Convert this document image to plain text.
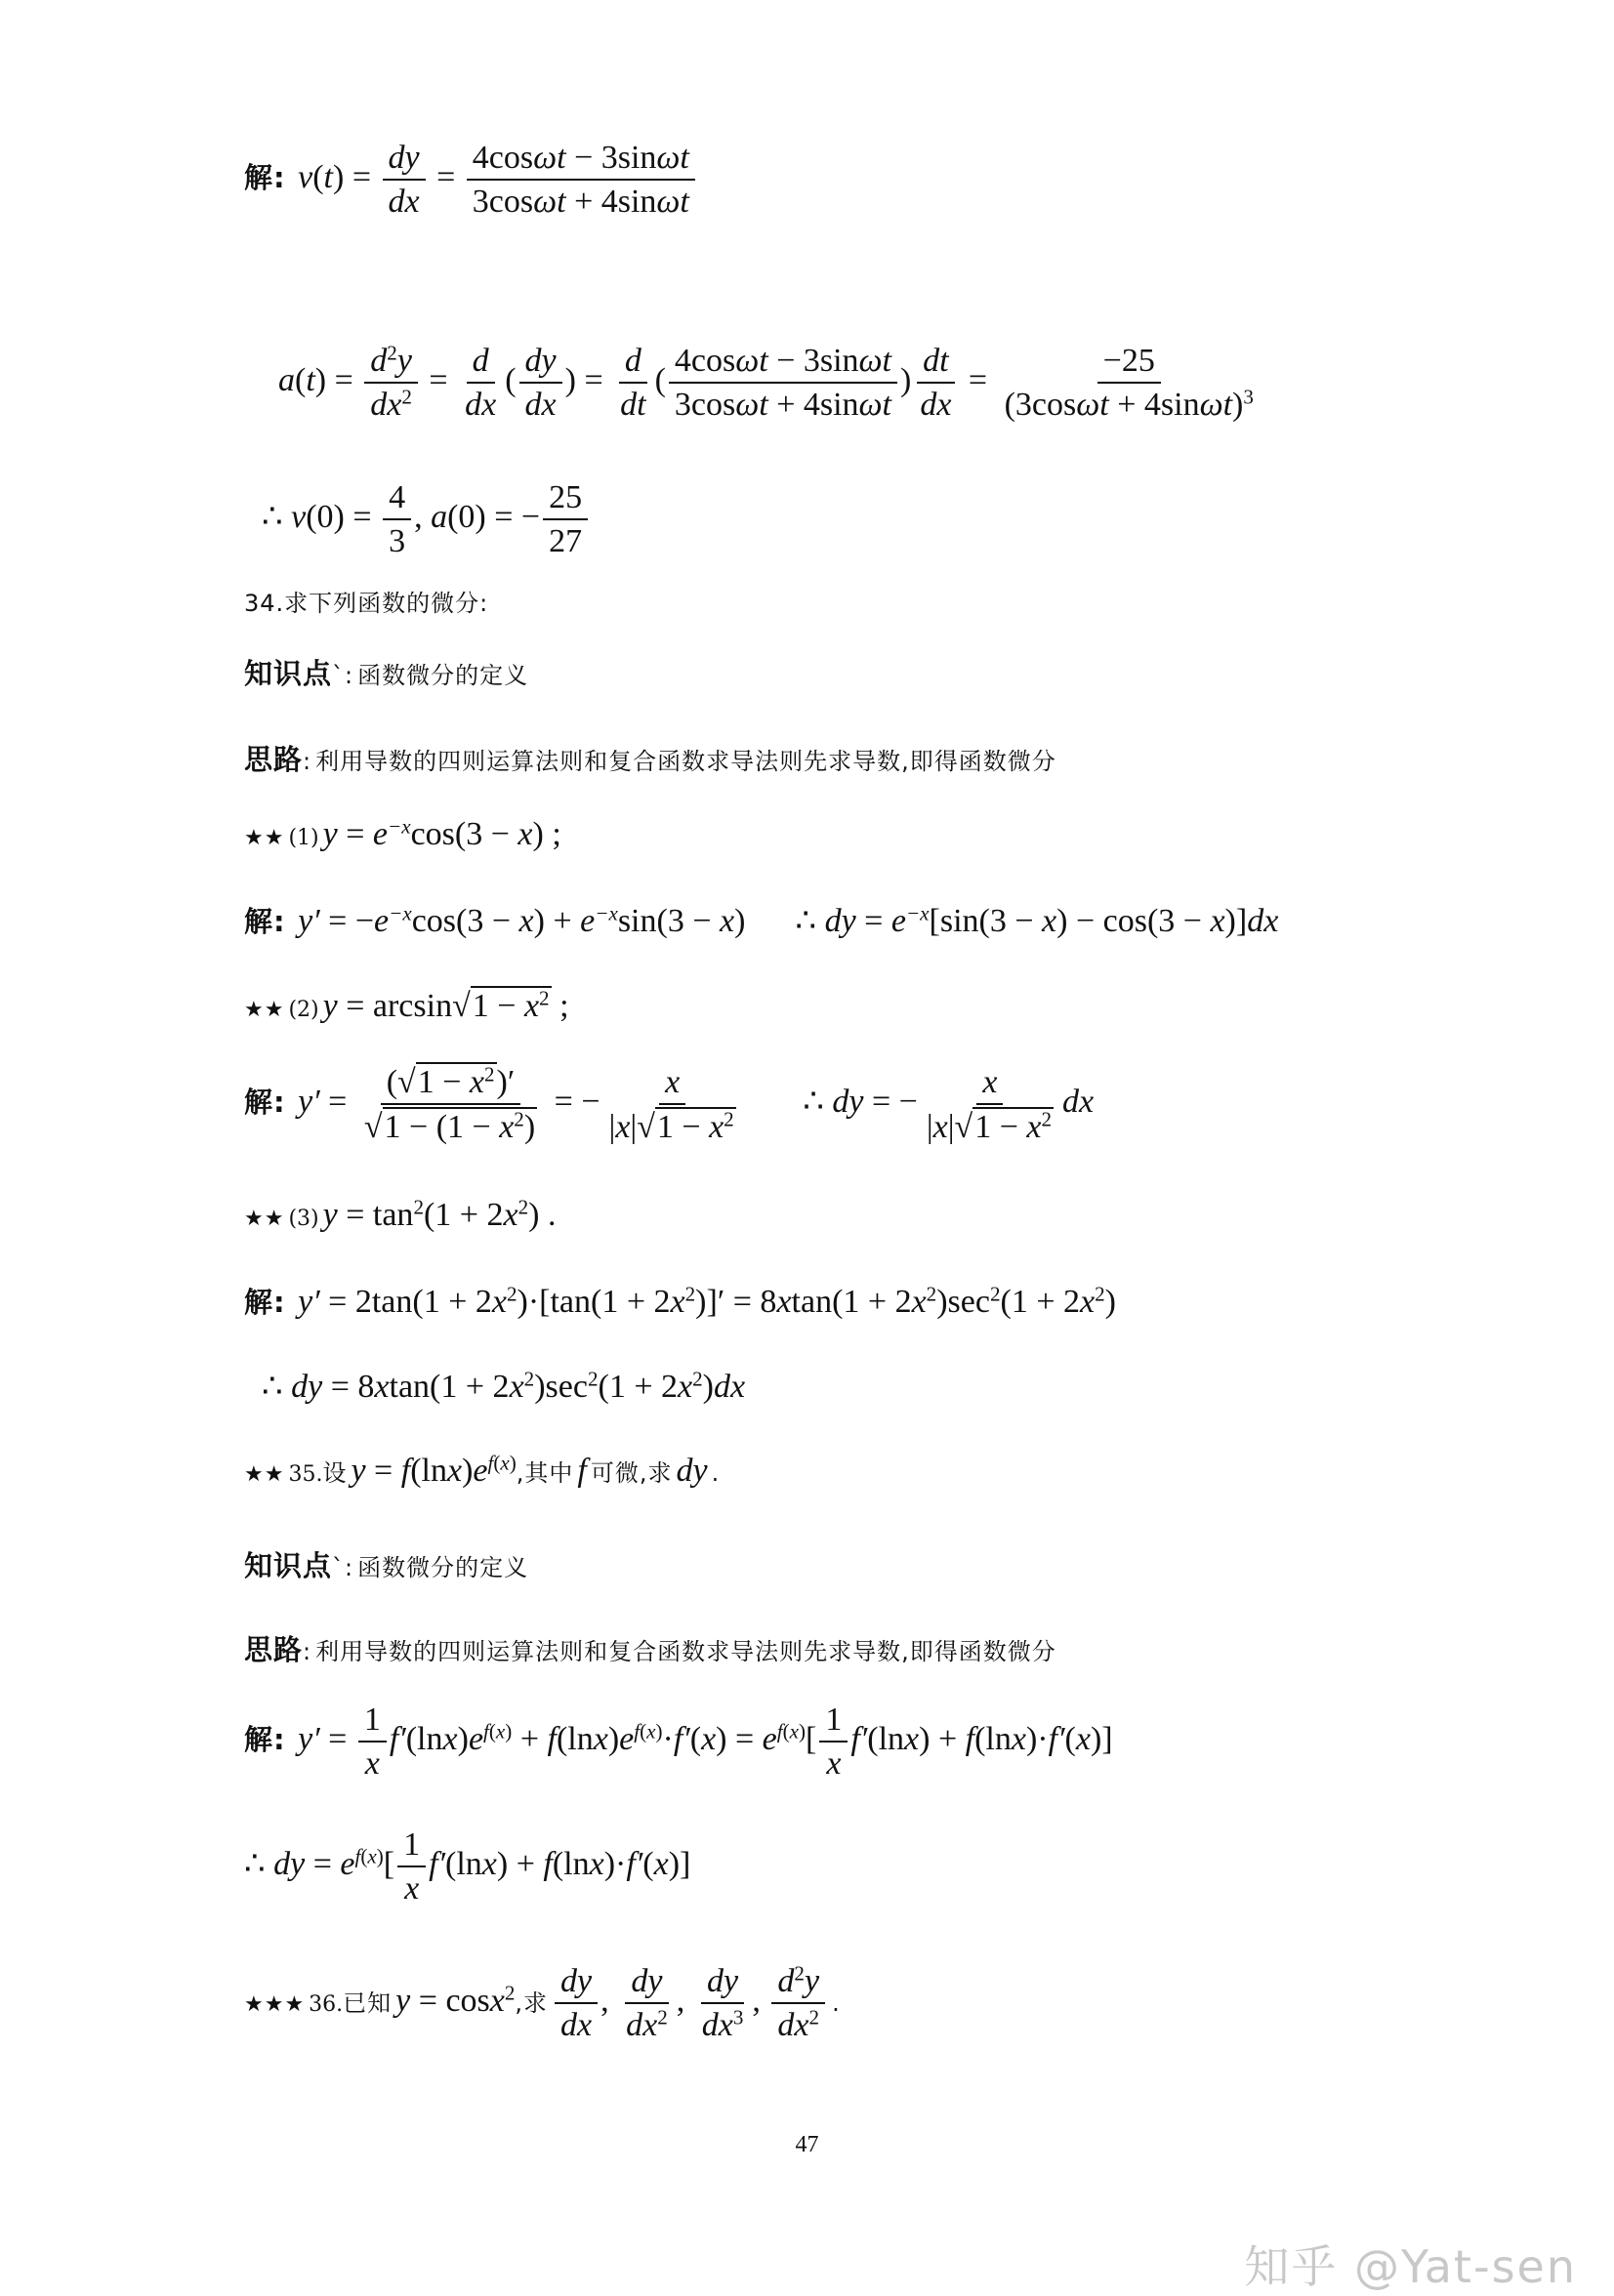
解:  $v(t) = \frac{dy}{dx} = \frac{4\cos\omega t - 3\sin\omega t}{3\cos\omega t + 4\sin\omega t}$
$a(t) = \frac{d^2y}{dx^2} = \frac{d}{dx}$ ( $\frac{dy}{dx}$ ) = $\frac{d}{dt}$ ( $\frac{4\cos\omega t - 3\sin\omega t}{3\cos\omega t + 4\sin\omega t}$ ) $\frac{dt}{dx} = \frac{-25}{(3\cos\omega t + 4\sin\omega t)^3}$
∴ $v(0) = \frac{4}{3}$ , a(0) = − $\frac{25}{27}$
34.求下列函数的微分:
知识点`: 函数微分的定义
思路: 利用导数的四则运算法则和复合函数求导法则先求导数,即得函数微分
★★ (1) $y = e^{-x}\cos(3 - x)$ ;
解:  $y' = -e^{-x}\cos(3 - x) + e^{-x}\sin(3 - x)$ ∴ dy = $e^{-x}[\sin(3 - x) - \cos(3 - x)]dx$
★★ (2) $y = \arcsin√1 - x^2$ ;
解:  $y' = \frac{(√1 - x^2)'}{√1 - (1 - x^2)}$ = − $\frac{x}{|x|√1 - x^2}$ ∴ dy = − $\frac{x}{|x|√1 - x^2}$ dx
★★ (3) $y = \tan^2(1 + 2x^2)$ .
解:  $y' = 2\tan(1 + 2x^2)\cdot[\tan(1 + 2x^2)]' = 8xtan(1 + 2x^2)\sec^2(1 + 2x^2)$
∴ dy = $8xtan(1 + 2x^2)\sec^2(1 + 2x^2)dx$
★★ 35.设 $y = f(\ln x)e^{f(x)}$,其中 f 可微,求 dy .
知识点`: 函数微分的定义
思路: 利用导数的四则运算法则和复合函数求导法则先求导数,即得函数微分
解:  $y' = \frac{1}{x} f'(\ln x)e^{f(x)} + f(\ln x)e^{f(x)}\cdot f'(x) = e^{f(x)}[ \frac{1}{x} f'(\ln x) + f(\ln x)\cdot f'(x)]$
∴ dy = $e^{f(x)}[ \frac{1}{x} f'(\ln x) + f(\ln x)\cdot f'(x)]$
★★★ 36.已知 y = cosx$^2$,求 $\frac{dy}{dx}$ , $\frac{dy}{dx^2}$ , $\frac{dy}{dx^3}$ , $\frac{d^2y}{dx^2}$ .
47
知乎 @Yat-sen
